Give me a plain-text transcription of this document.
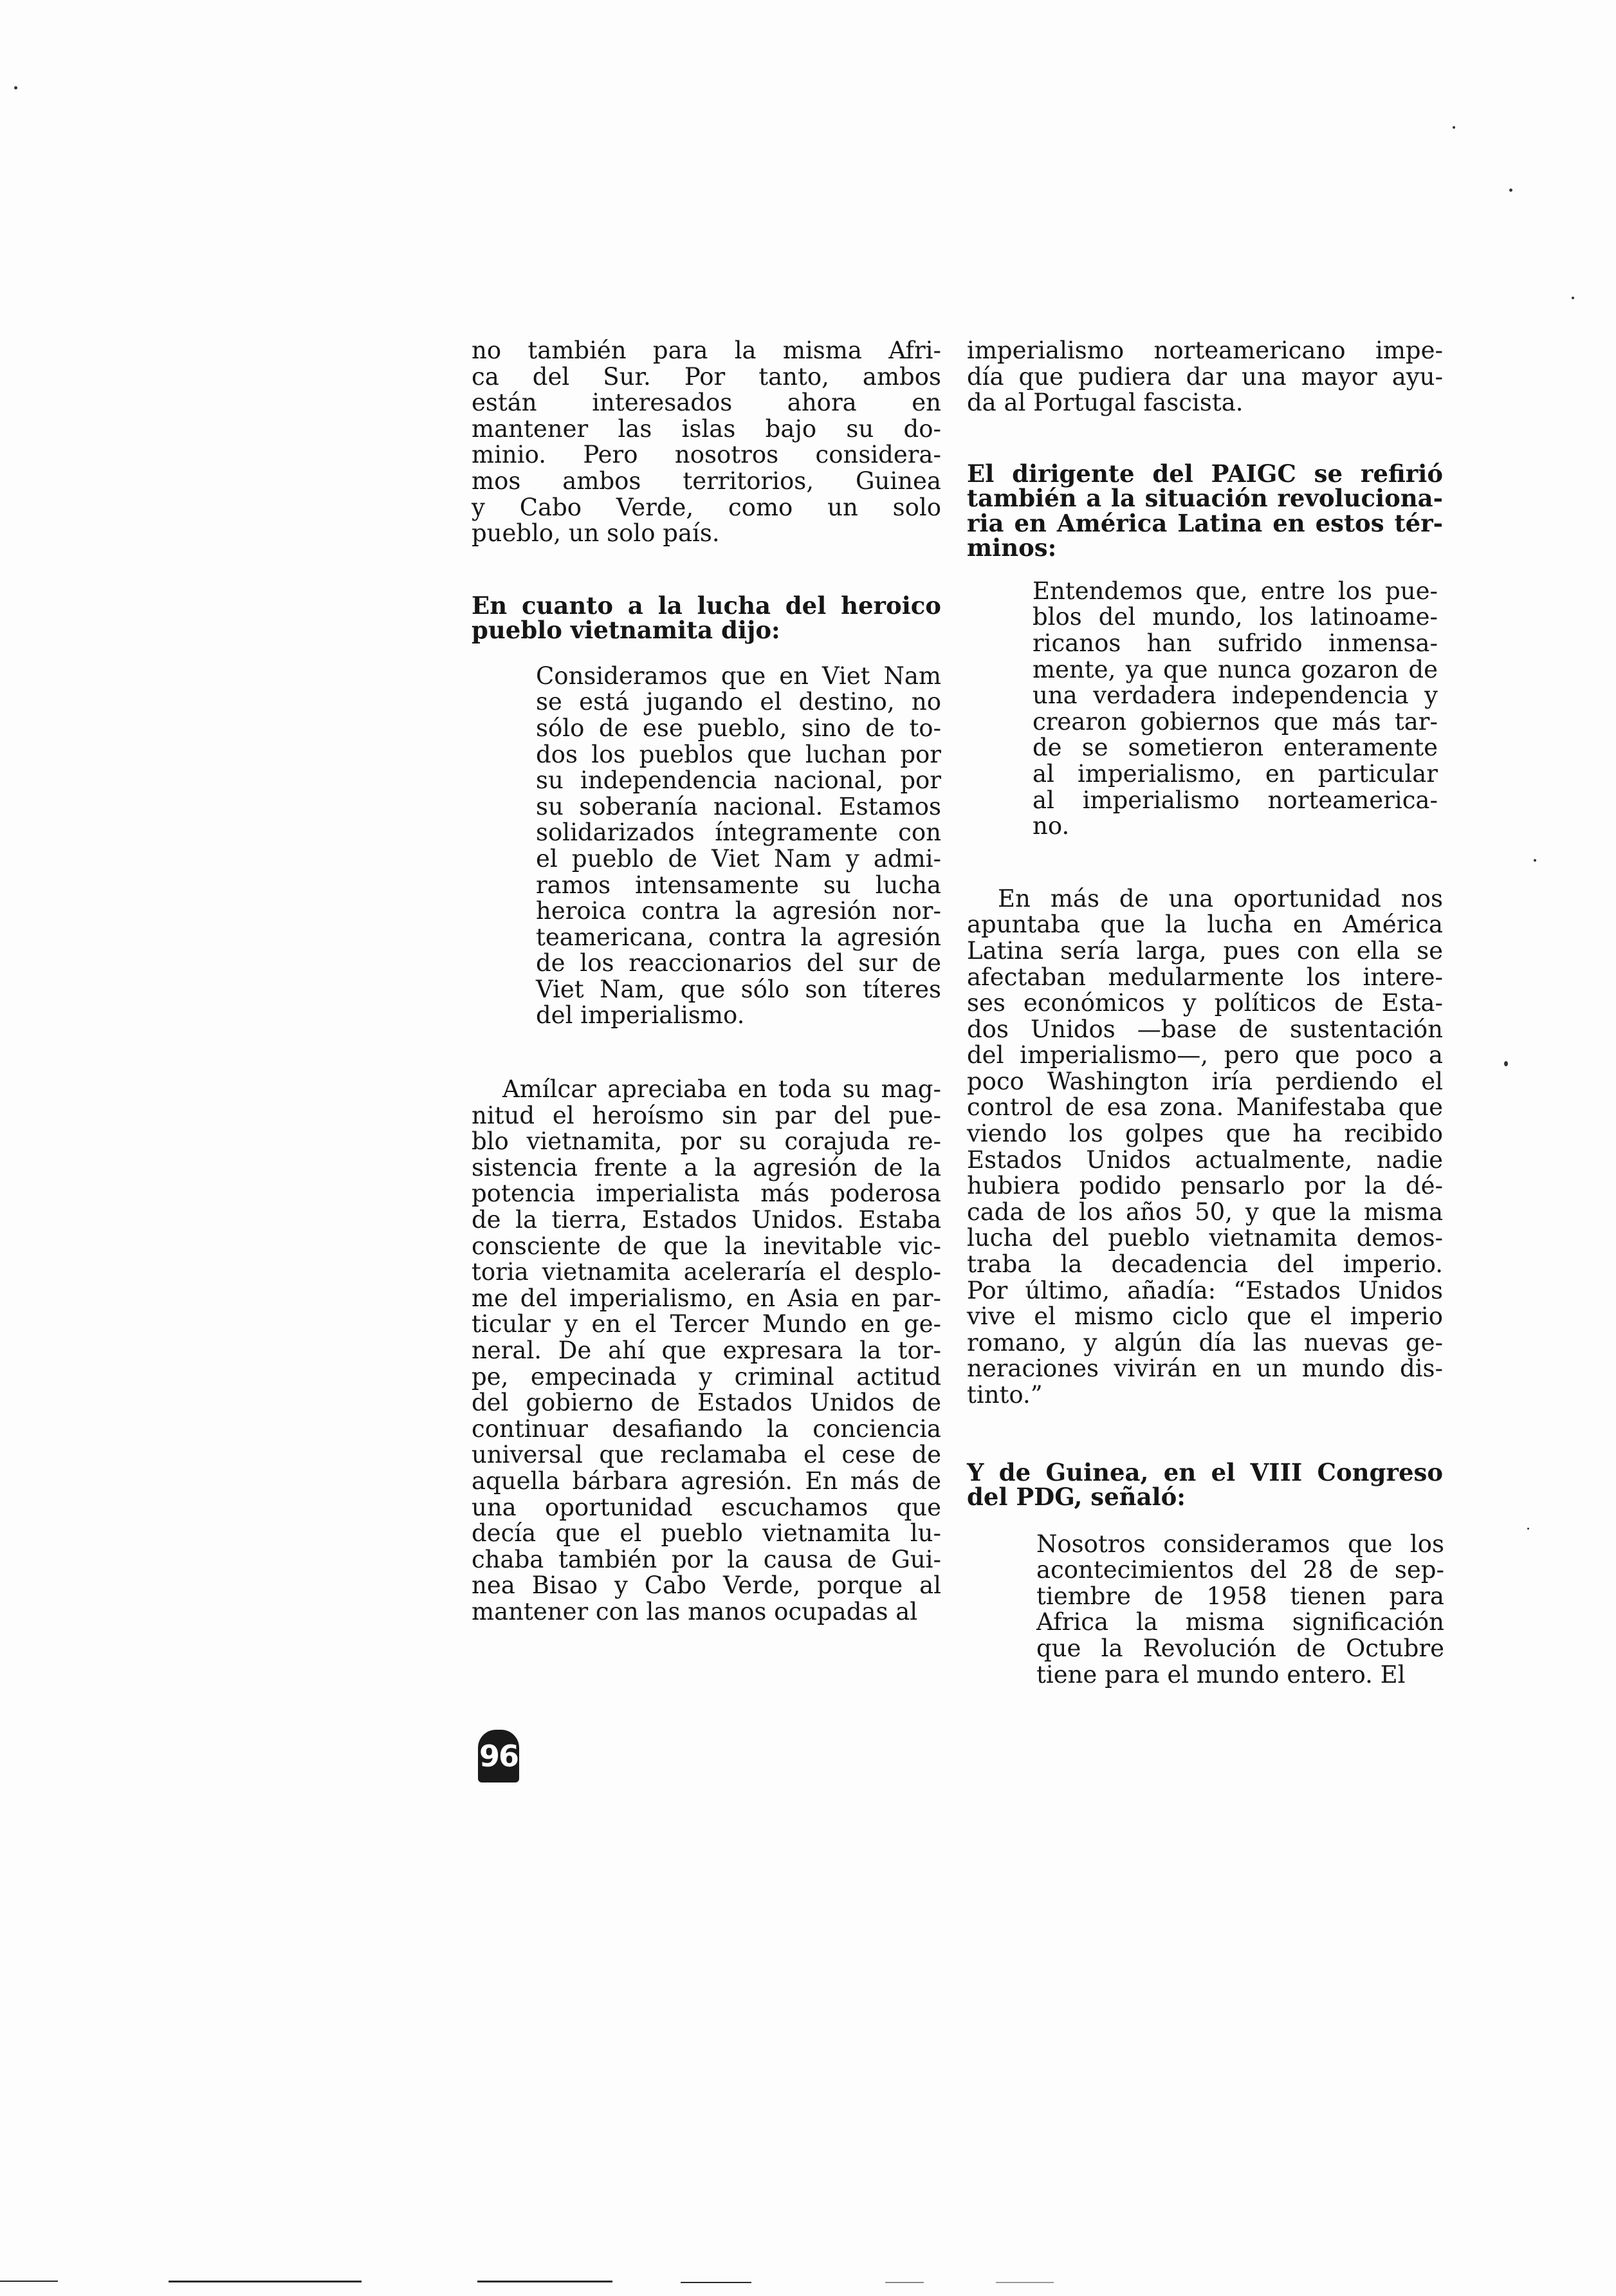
no también para la misma Afri-
ca del Sur. Por tanto, ambos
están interesados ahora en
mantener las islas bajo su do-
minio. Pero nosotros considera-
mos ambos territorios, Guinea
y Cabo Verde, como un solo
pueblo, un solo país.
En cuanto a la lucha del heroico
pueblo vietnamita dijo:
Consideramos que en Viet Nam
se está jugando el destino, no
sólo de ese pueblo, sino de to-
dos los pueblos que luchan por
su independencia nacional, por
su soberanía nacional. Estamos
solidarizados íntegramente con
el pueblo de Viet Nam y admi-
ramos intensamente su lucha
heroica contra la agresión nor-
teamericana, contra la agresión
de los reaccionarios del sur de
Viet Nam, que sólo son títeres
del imperialismo.
Amílcar apreciaba en toda su mag-
nitud el heroísmo sin par del pue-
blo vietnamita, por su corajuda re-
sistencia frente a la agresión de la
potencia imperialista más poderosa
de la tierra, Estados Unidos. Estaba
consciente de que la inevitable vic-
toria vietnamita aceleraría el desplo-
me del imperialismo, en Asia en par-
ticular y en el Tercer Mundo en ge-
neral. De ahí que expresara la tor-
pe, empecinada y criminal actitud
del gobierno de Estados Unidos de
continuar desafiando la conciencia
universal que reclamaba el cese de
aquella bárbara agresión. En más de
una oportunidad escuchamos que
decía que el pueblo vietnamita lu-
chaba también por la causa de Gui-
nea Bisao y Cabo Verde, porque al
mantener con las manos ocupadas al
imperialismo norteamericano impe-
día que pudiera dar una mayor ayu-
da al Portugal fascista.
El dirigente del PAIGC se refirió
también a la situación revoluciona-
ria en América Latina en estos tér-
minos:
Entendemos que, entre los pue-
blos del mundo, los latinoame-
ricanos han sufrido inmensa-
mente, ya que nunca gozaron de
una verdadera independencia y
crearon gobiernos que más tar-
de se sometieron enteramente
al imperialismo, en particular
al imperialismo norteamerica-
no.
En más de una oportunidad nos
apuntaba que la lucha en América
Latina sería larga, pues con ella se
afectaban medularmente los intere-
ses económicos y políticos de Esta-
dos Unidos —base de sustentación
del imperialismo—, pero que poco a
poco Washington iría perdiendo el
control de esa zona. Manifestaba que
viendo los golpes que ha recibido
Estados Unidos actualmente, nadie
hubiera podido pensarlo por la dé-
cada de los años 50, y que la misma
lucha del pueblo vietnamita demos-
traba la decadencia del imperio.
Por último, añadía: “Estados Unidos
vive el mismo ciclo que el imperio
romano, y algún día las nuevas ge-
neraciones vivirán en un mundo dis-
tinto.”
Y de Guinea, en el VIII Congreso
del PDG, señaló:
Nosotros consideramos que los
acontecimientos del 28 de sep-
tiembre de 1958 tienen para
Africa la misma significación
que la Revolución de Octubre
tiene para el mundo entero. El
96
